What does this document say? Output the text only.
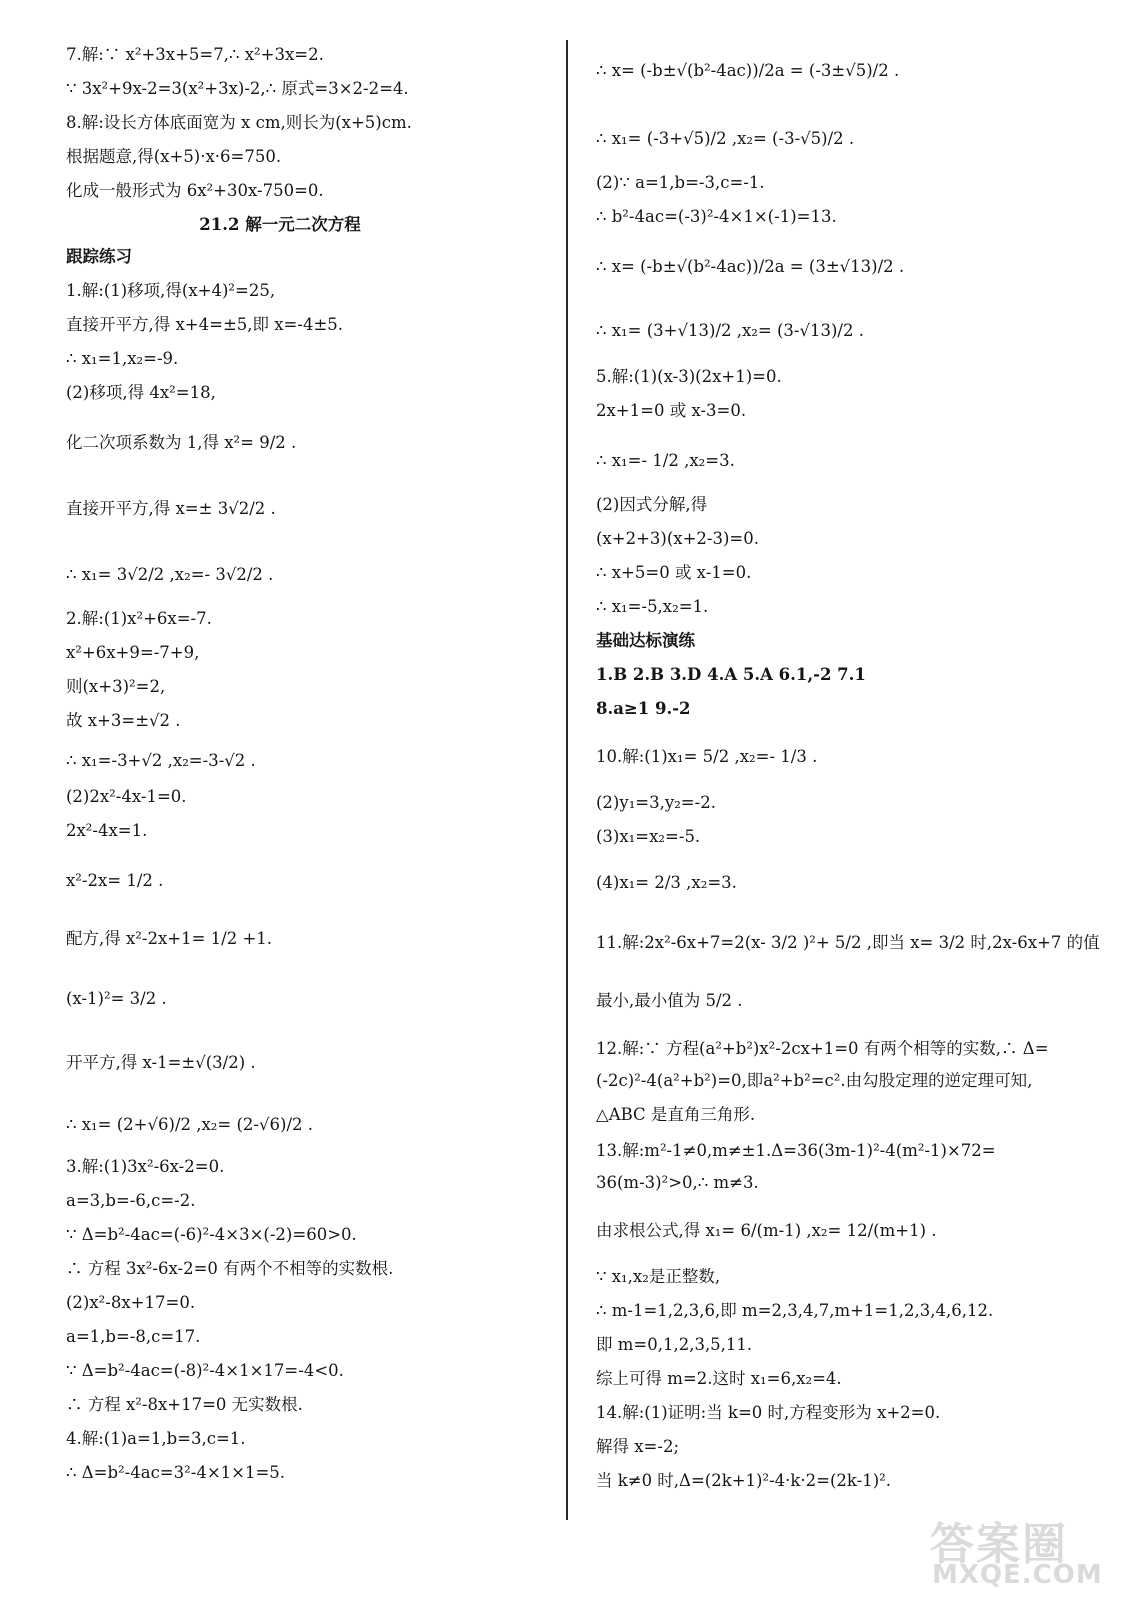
7.解:∵ x²+3x+5=7,∴ x²+3x=2.
∵ 3x²+9x-2=3(x²+3x)-2,∴ 原式=3×2-2=4.
8.解:设长方体底面宽为 x cm,则长为(x+5)cm.
根据题意,得(x+5)·x·6=750.
化成一般形式为 6x²+30x-750=0.
21.2 解一元二次方程
跟踪练习
1.解:(1)移项,得(x+4)²=25,
直接开平方,得 x+4=±5,即 x=-4±5.
∴ x₁=1,x₂=-9.
(2)移项,得 4x²=18,
化二次项系数为 1,得 x²= 9/2 .
直接开平方,得 x=± 3√2/2 .
∴ x₁= 3√2/2 ,x₂=- 3√2/2 .
2.解:(1)x²+6x=-7.
x²+6x+9=-7+9,
则(x+3)²=2,
故 x+3=±√2 .
∴ x₁=-3+√2 ,x₂=-3-√2 .
(2)2x²-4x-1=0.
2x²-4x=1.
x²-2x= 1/2 .
配方,得 x²-2x+1= 1/2 +1.
(x-1)²= 3/2 .
开平方,得 x-1=±√(3/2) .
∴ x₁= (2+√6)/2 ,x₂= (2-√6)/2 .
3.解:(1)3x²-6x-2=0.
a=3,b=-6,c=-2.
∵ Δ=b²-4ac=(-6)²-4×3×(-2)=60>0.
∴ 方程 3x²-6x-2=0 有两个不相等的实数根.
(2)x²-8x+17=0.
a=1,b=-8,c=17.
∵ Δ=b²-4ac=(-8)²-4×1×17=-4<0.
∴ 方程 x²-8x+17=0 无实数根.
4.解:(1)a=1,b=3,c=1.
∴ Δ=b²-4ac=3²-4×1×1=5.
∴ x= (-b±√(b²-4ac))/2a = (-3±√5)/2 .
∴ x₁= (-3+√5)/2 ,x₂= (-3-√5)/2 .
(2)∵ a=1,b=-3,c=-1.
∴ b²-4ac=(-3)²-4×1×(-1)=13.
∴ x= (-b±√(b²-4ac))/2a = (3±√13)/2 .
∴ x₁= (3+√13)/2 ,x₂= (3-√13)/2 .
5.解:(1)(x-3)(2x+1)=0.
2x+1=0 或 x-3=0.
∴ x₁=- 1/2 ,x₂=3.
(2)因式分解,得
(x+2+3)(x+2-3)=0.
∴ x+5=0 或 x-1=0.
∴ x₁=-5,x₂=1.
基础达标演练
1.B 2.B 3.D 4.A 5.A 6.1,-2 7.1
8.a≥1 9.-2
10.解:(1)x₁= 5/2 ,x₂=- 1/3 .
(2)y₁=3,y₂=-2.
(3)x₁=x₂=-5.
(4)x₁= 2/3 ,x₂=3.
11.解:2x²-6x+7=2(x- 3/2 )²+ 5/2 ,即当 x= 3/2 时,2x-6x+7 的值
最小,最小值为 5/2 .
12.解:∵ 方程(a²+b²)x²-2cx+1=0 有两个相等的实数,∴ Δ=
(-2c)²-4(a²+b²)=0,即a²+b²=c².由勾股定理的逆定理可知,
△ABC 是直角三角形.
13.解:m²-1≠0,m≠±1.Δ=36(3m-1)²-4(m²-1)×72=
36(m-3)²>0,∴ m≠3.
由求根公式,得 x₁= 6/(m-1) ,x₂= 12/(m+1) .
∵ x₁,x₂是正整数,
∴ m-1=1,2,3,6,即 m=2,3,4,7,m+1=1,2,3,4,6,12.
即 m=0,1,2,3,5,11.
综上可得 m=2.这时 x₁=6,x₂=4.
14.解:(1)证明:当 k=0 时,方程变形为 x+2=0.
解得 x=-2;
当 k≠0 时,Δ=(2k+1)²-4·k·2=(2k-1)².
答案圈
MXQE.COM
